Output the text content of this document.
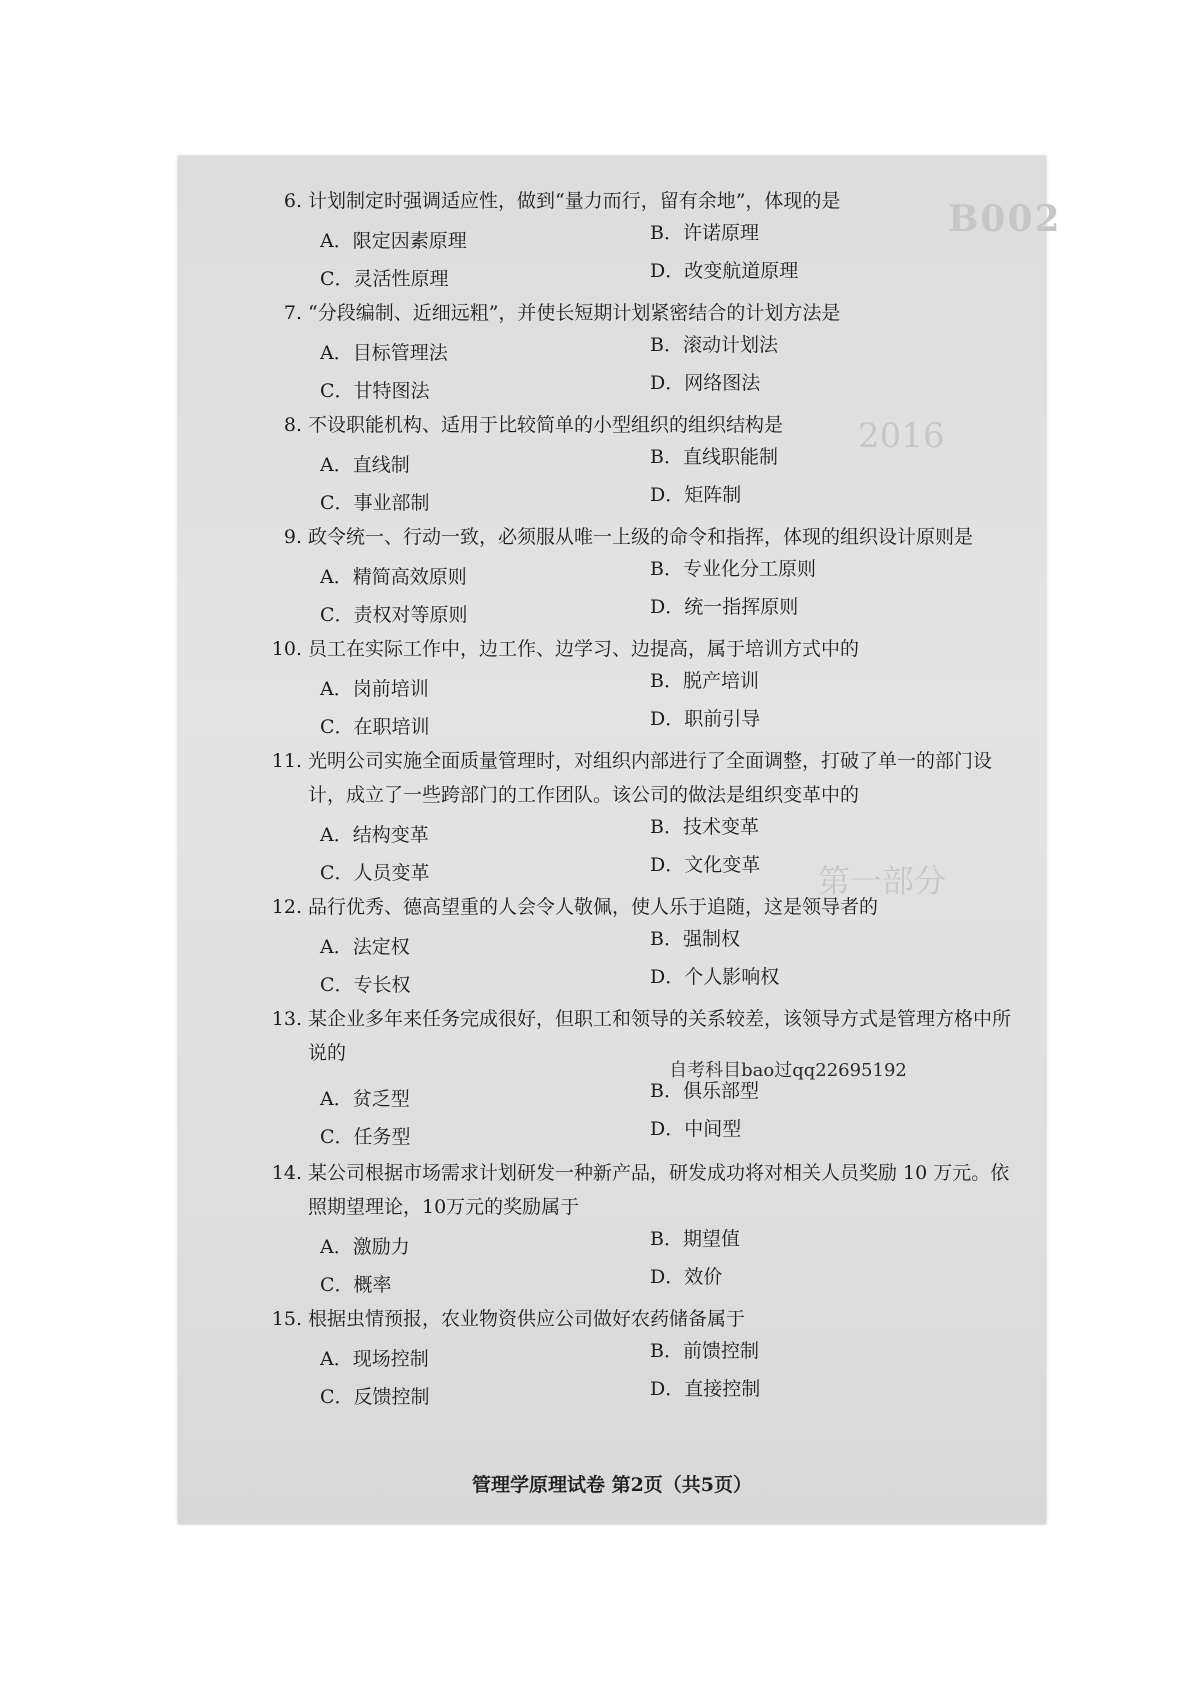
B002
2016
第一部分
6. 计划制定时强调适应性，做到“量力而行，留有余地”，体现的是
A．限定因素原理	B．许诺原理
C．灵活性原理	D．改变航道原理
7. “分段编制、近细远粗”，并使长短期计划紧密结合的计划方法是
A．目标管理法	B．滚动计划法
C．甘特图法	D．网络图法
8. 不设职能机构、适用于比较简单的小型组织的组织结构是
A．直线制	B．直线职能制
C．事业部制	D．矩阵制
9. 政令统一、行动一致，必须服从唯一上级的命令和指挥，体现的组织设计原则是
A．精简高效原则	B．专业化分工原则
C．责权对等原则	D．统一指挥原则
10. 员工在实际工作中，边工作、边学习、边提高，属于培训方式中的
A．岗前培训	B．脱产培训
C．在职培训	D．职前引导
11. 光明公司实施全面质量管理时，对组织内部进行了全面调整，打破了单一的部门设计，成立了一些跨部门的工作团队。该公司的做法是组织变革中的
A．结构变革	B．技术变革
C．人员变革	D．文化变革
12. 品行优秀、德高望重的人会令人敬佩，使人乐于追随，这是领导者的
A．法定权	B．强制权
C．专长权	D．个人影响权
13. 某企业多年来任务完成很好，但职工和领导的关系较差，该领导方式是管理方格中所说的
A．贫乏型	B．俱乐部型
C．任务型	D．中间型
14. 某公司根据市场需求计划研发一种新产品，研发成功将对相关人员奖励 10 万元。依照期望理论，10万元的奖励属于
A．激励力	B．期望值
C．概率	D．效价
15. 根据虫情预报，农业物资供应公司做好农药储备属于
A．现场控制	B．前馈控制
C．反馈控制	D．直接控制
自考科目bao过qq22695192
管理学原理试卷 第2页（共5页）
